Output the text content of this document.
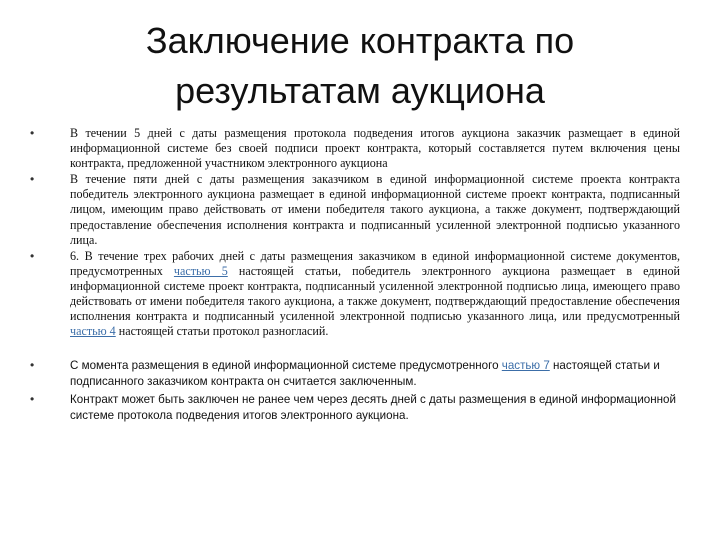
Заключение контракта по
результатам аукциона
•	В течении 5 дней с даты размещения протокола подведения итогов аукциона заказчик размещает в единой информационной системе без своей подписи проект контракта, который составляется путем включения цены контракта, предложенной участником электронного аукциона
•	В течение пяти дней с даты размещения заказчиком в единой информационной системе проекта контракта победитель электронного аукциона размещает в единой информационной системе проект контракта, подписанный лицом, имеющим право действовать от имени победителя такого аукциона, а также документ, подтверждающий предоставление обеспечения исполнения контракта и подписанный усиленной электронной подписью указанного лица.
•	6. В течение трех рабочих дней с даты размещения заказчиком в единой информационной системе документов, предусмотренных частью 5 настоящей статьи, победитель электронного аукциона размещает в единой информационной системе проект контракта, подписанный усиленной электронной подписью лица, имеющего право действовать от имени победителя такого аукциона, а также документ, подтверждающий предоставление обеспечения исполнения контракта и подписанный усиленной электронной подписью указанного лица, или предусмотренный частью 4 настоящей статьи протокол разногласий.
•	С момента размещения в единой информационной системе предусмотренного частью 7 настоящей статьи и подписанного заказчиком контракта он считается заключенным.
•	Контракт может быть заключен не ранее чем через десять дней с даты размещения в единой информационной системе протокола подведения итогов электронного аукциона.
